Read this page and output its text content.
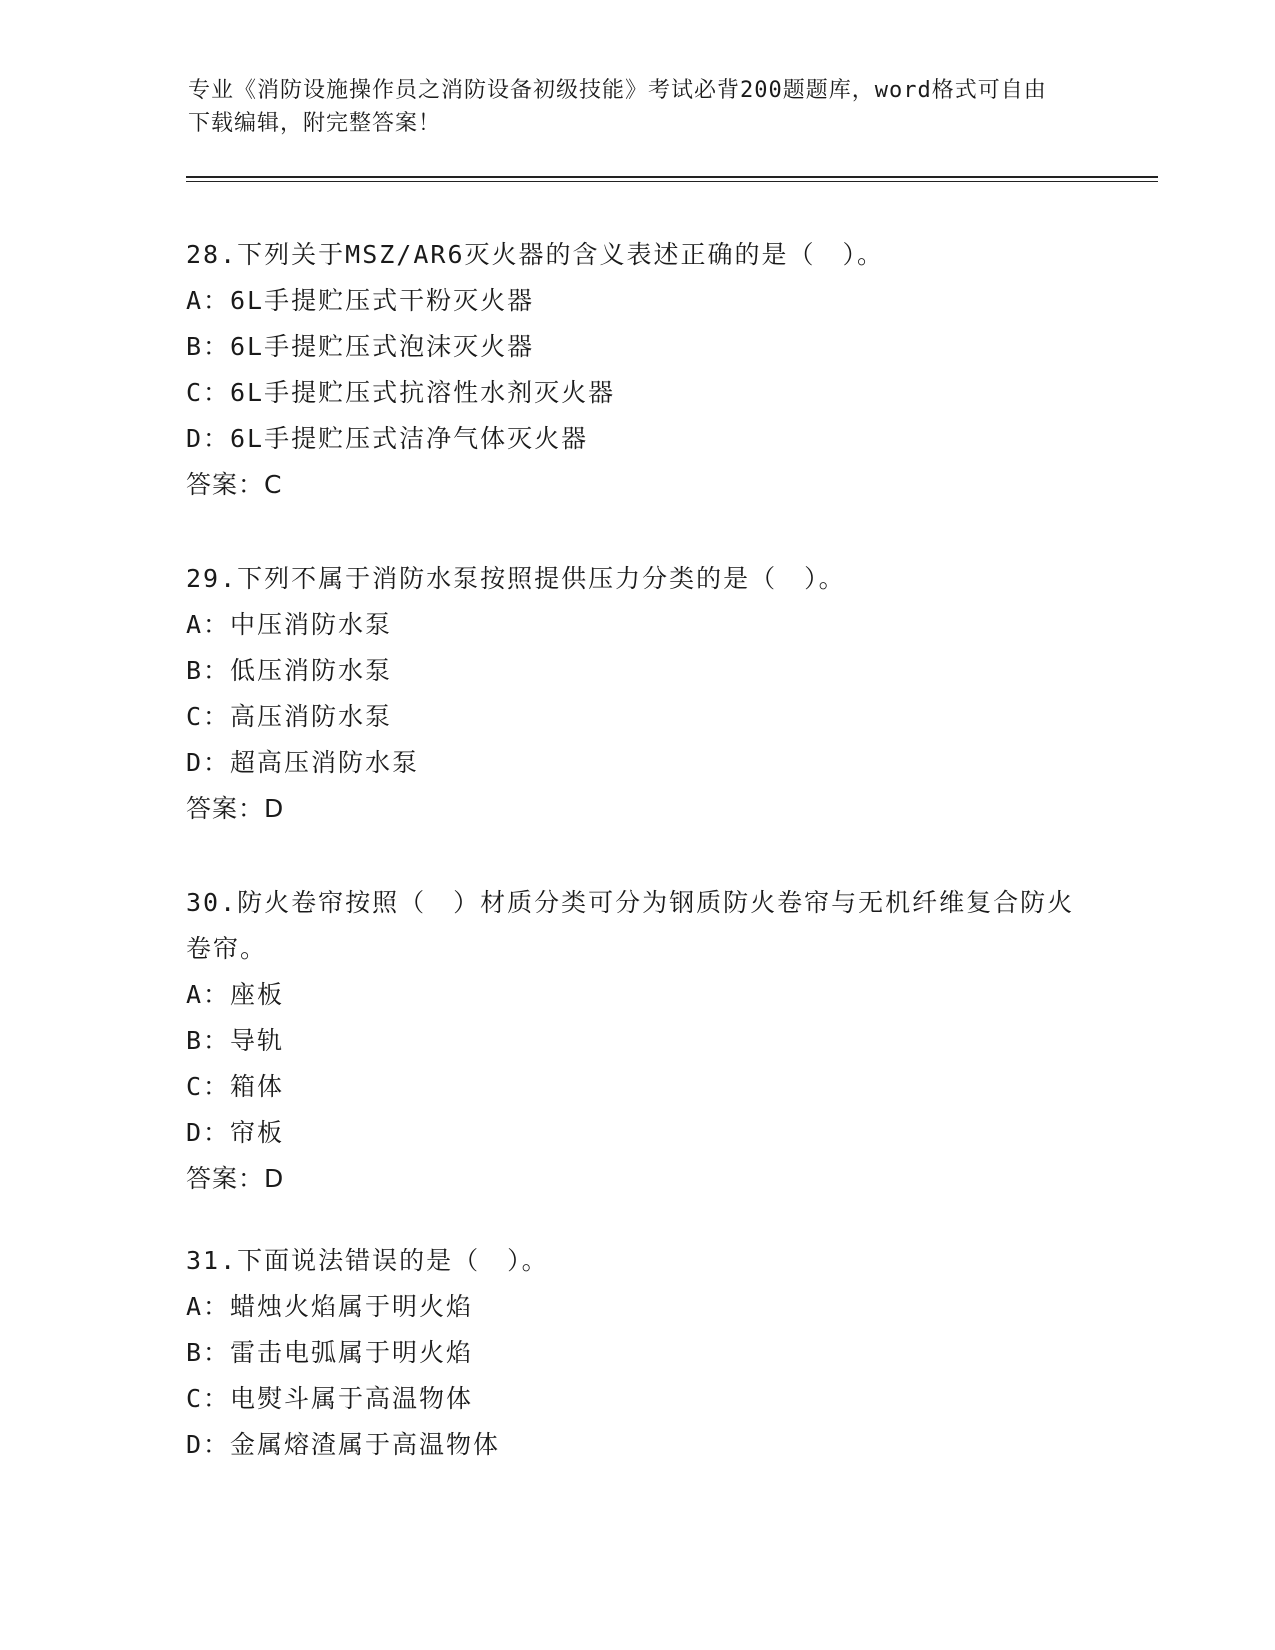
专业《消防设施操作员之消防设备初级技能》考试必背200题题库，word格式可自由下载编辑，附完整答案！
28.下列关于MSZ/AR6灭火器的含义表述正确的是（　）。
A：6L手提贮压式干粉灭火器
B：6L手提贮压式泡沫灭火器
C：6L手提贮压式抗溶性水剂灭火器
D：6L手提贮压式洁净气体灭火器
答案：C
29.下列不属于消防水泵按照提供压力分类的是（　）。
A：中压消防水泵
B：低压消防水泵
C：高压消防水泵
D：超高压消防水泵
答案：D
30.防火卷帘按照（　）材质分类可分为钢质防火卷帘与无机纤维复合防火卷帘。
A：座板
B：导轨
C：箱体
D：帘板
答案：D
31.下面说法错误的是（　）。
A：蜡烛火焰属于明火焰
B：雷击电弧属于明火焰
C：电熨斗属于高温物体
D：金属熔渣属于高温物体
